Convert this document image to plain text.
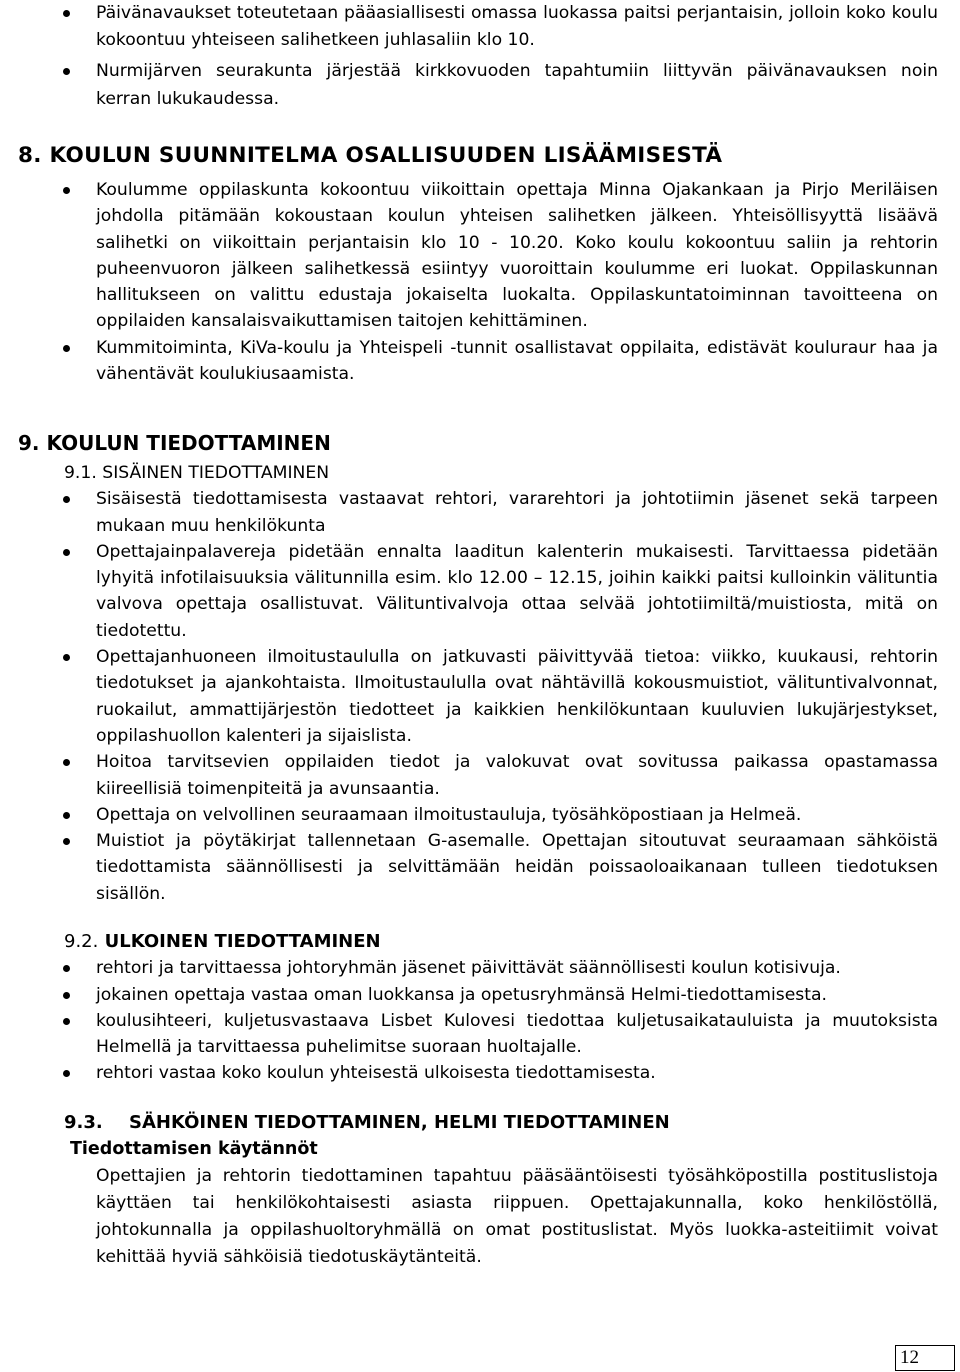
Päivänavaukset toteutetaan pääasiallisesti omassa luokassa paitsi perjantaisin, jolloin koko koulu kokoontuu yhteiseen salihetkeen juhlasaliin klo 10.
Nurmijärven seurakunta järjestää kirkkovuoden tapahtumiin liittyvän päivänavauksen noin kerran lukukaudessa.
8. KOULUN SUUNNITELMA OSALLISUUDEN LISÄÄMISESTÄ
Koulumme oppilaskunta kokoontuu viikoittain opettaja Minna Ojakankaan ja Pirjo Meriläisen johdolla pitämään kokoustaan koulun yhteisen salihetken jälkeen. Yhteisöllisyyttä lisäävä salihetki on viikoittain perjantaisin klo 10 - 10.20. Koko koulu kokoontuu saliin ja rehtorin puheenvuoron jälkeen salihetkessä esiintyy vuoroittain koulumme eri luokat. Oppilaskunnan hallitukseen on valittu edustaja jokaiselta luokalta. Oppilaskuntatoiminnan tavoitteena on oppilaiden kansalaisvaikuttamisen taitojen kehittäminen.
Kummitoiminta, KiVa-koulu ja Yhteispeli -tunnit osallistavat oppilaita, edistävät kouluraur haa ja vähentävät koulukiusaamista.
9. KOULUN TIEDOTTAMINEN
9.1. SISÄINEN TIEDOTTAMINEN
Sisäisestä tiedottamisesta vastaavat rehtori, vararehtori ja johtotiimin jäsenet sekä tarpeen mukaan muu henkilökunta
Opettajainpalavereja pidetään ennalta laaditun kalenterin mukaisesti. Tarvittaessa pidetään lyhyitä infotilaisuuksia välitunnilla esim. klo 12.00 – 12.15, joihin kaikki paitsi kulloinkin välituntia valvova opettaja osallistuvat. Välituntivalvoja ottaa selvää johtotiimiltä/muistiosta, mitä on tiedotettu.
Opettajanhuoneen ilmoitustaululla on jatkuvasti päivittyvää tietoa: viikko, kuukausi, rehtorin tiedotukset ja ajankohtaista. Ilmoitustaululla ovat nähtävillä kokousmuistiot, välituntivalvonnat, ruokailut, ammattijärjestön tiedotteet ja kaikkien henkilökuntaan kuuluvien lukujärjestykset, oppilashuollon kalenteri ja sijaislista.
Hoitoa tarvitsevien oppilaiden tiedot ja valokuvat ovat sovitussa paikassa opastamassa kiireellisiä toimenpiteitä ja avunsaantia.
Opettaja on velvollinen seuraamaan ilmoitustauluja, työsähköpostiaan ja Helmeä.
Muistiot ja pöytäkirjat tallennetaan G-asemalle. Opettajan sitoutuvat seuraamaan sähköistä tiedottamista säännöllisesti ja selvittämään heidän poissaoloaikanaan tulleen tiedotuksen sisällön.
9.2. ULKOINEN TIEDOTTAMINEN
rehtori ja tarvittaessa johtoryhmän jäsenet päivittävät säännöllisesti koulun kotisivuja.
jokainen opettaja vastaa oman luokkansa ja opetusryhmänsä Helmi-tiedottamisesta.
koulusihteeri, kuljetusvastaava Lisbet Kulovesi tiedottaa kuljetusaikatauluista ja muutoksista Helmellä ja tarvittaessa puhelimitse suoraan huoltajalle.
rehtori vastaa koko koulun yhteisestä ulkoisesta tiedottamisesta.
9.3. SÄHKÖINEN TIEDOTTAMINEN, HELMI TIEDOTTAMINEN
Tiedottamisen käytännöt
Opettajien ja rehtorin tiedottaminen tapahtuu pääsääntöisesti työsähköpostilla postituslistoja käyttäen tai henkilökohtaisesti asiasta riippuen. Opettajakunnalla, koko henkilöstöllä, johtokunnalla ja oppilashuoltoryhmällä on omat postituslistat. Myös luokka-asteitiimit voivat kehittää hyviä sähköisiä tiedotuskäytänteitä.
12
